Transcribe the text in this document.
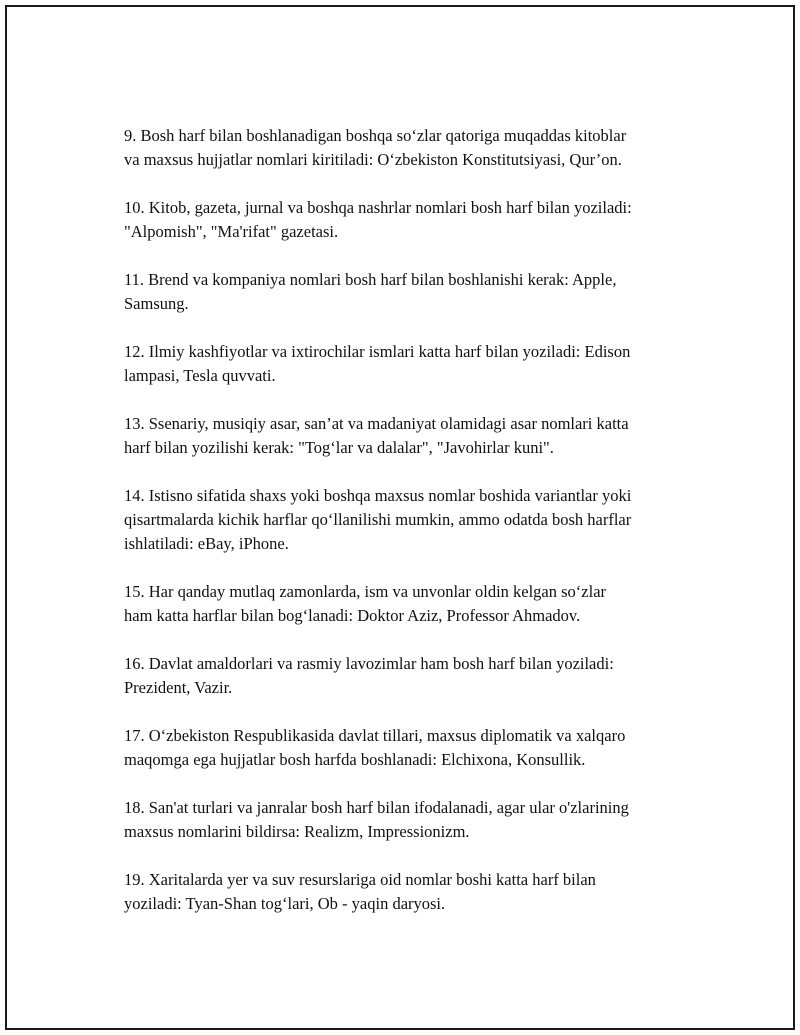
9. Bosh harf bilan boshlanadigan boshqa so‘zlar qatoriga muqaddas kitoblar
va maxsus hujjatlar nomlari kiritiladi: O‘zbekiston Konstitutsiyasi, Qur’on.

10. Kitob, gazeta, jurnal va boshqa nashrlar nomlari bosh harf bilan yoziladi:
"Alpomish", "Ma'rifat" gazetasi.

11. Brend va kompaniya nomlari bosh harf bilan boshlanishi kerak: Apple,
Samsung.

12. Ilmiy kashfiyotlar va ixtirochilar ismlari katta harf bilan yoziladi: Edison
lampasi, Tesla quvvati.

13. Ssenariy, musiqiy asar, san’at va madaniyat olamidagi asar nomlari katta
harf bilan yozilishi kerak: "Tog‘lar va dalalar", "Javohirlar kuni".

14. Istisno sifatida shaxs yoki boshqa maxsus nomlar boshida variantlar yoki
qisartmalarda kichik harflar qo‘llanilishi mumkin, ammo odatda bosh harflar
ishlatiladi: eBay, iPhone.

15. Har qanday mutlaq zamonlarda, ism va unvonlar oldin kelgan so‘zlar
ham katta harflar bilan bog‘lanadi: Doktor Aziz, Professor Ahmadov.

16. Davlat amaldorlari va rasmiy lavozimlar ham bosh harf bilan yoziladi:
Prezident, Vazir.

17. O‘zbekiston Respublikasida davlat tillari, maxsus diplomatik va xalqaro
maqomga ega hujjatlar bosh harfda boshlanadi: Elchixona, Konsullik.

18. San'at turlari va janralar bosh harf bilan ifodalanadi, agar ular o'zlarining
maxsus nomlarini bildirsa: Realizm, Impressionizm.

19. Xaritalarda yer va suv resurslariga oid nomlar boshi katta harf bilan
yoziladi: Tyan-Shan tog‘lari, Ob - yaqin daryosi.
